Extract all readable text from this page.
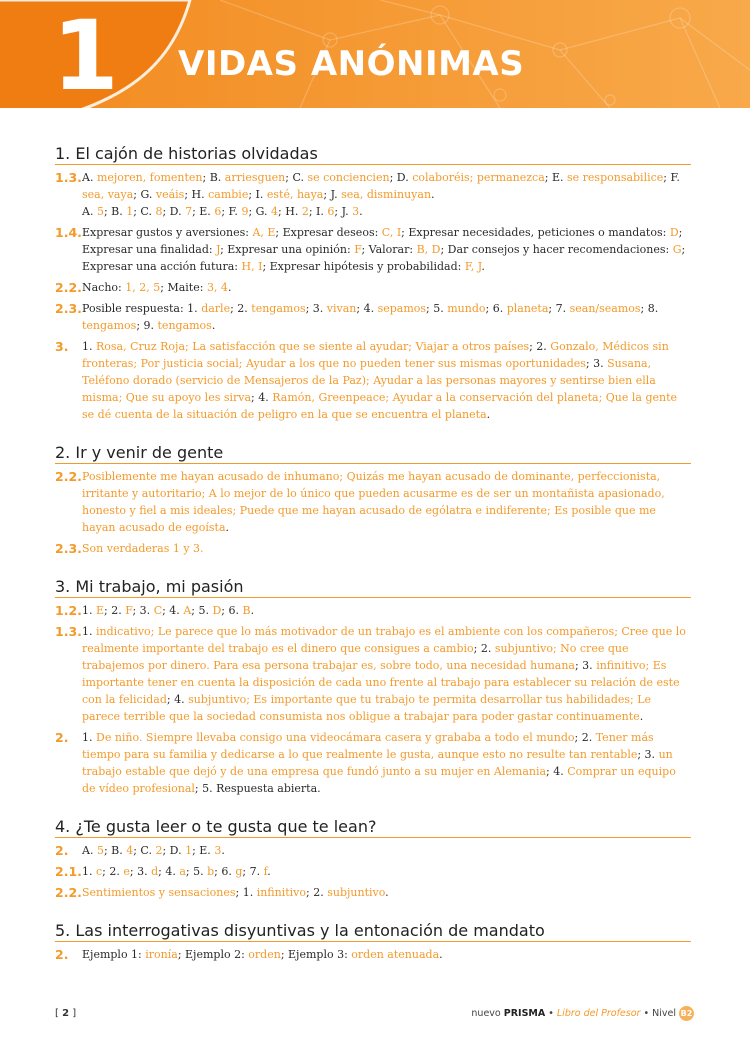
1 VIDAS ANÓNIMAS
1. El cajón de historias olvidadas
1.3. A. mejoren, fomenten; B. arriesguen; C. se conciencien; D. colaboréis; permanezca; E. se responsabilice; F. sea, vaya; G. veáis; H. cambie; I. esté, haya; J. sea, disminuyan.
A. 5; B. 1; C. 8; D. 7; E. 6; F. 9; G. 4; H. 2; I. 6; J. 3.
1.4. Expresar gustos y aversiones: A, E; Expresar deseos: C, I; Expresar necesidades, peticiones o mandatos: D; Expresar una finalidad: J; Expresar una opinión: F; Valorar: B, D; Dar consejos y hacer recomendaciones: G; Expresar una acción futura: H, I; Expresar hipótesis y probabilidad: F, J.
2.2. Nacho: 1, 2, 5; Maite: 3, 4.
2.3. Posible respuesta: 1. darle; 2. tengamos; 3. vivan; 4. sepamos; 5. mundo; 6. planeta; 7. sean/seamos; 8. tengamos; 9. tengamos.
3. 1. Rosa, Cruz Roja; La satisfacción que se siente al ayudar; Viajar a otros países; 2. Gonzalo, Médicos sin fronteras; Por justicia social; Ayudar a los que no pueden tener sus mismas oportunidades; 3. Susana, Teléfono dorado (servicio de Mensajeros de la Paz); Ayudar a las personas mayores y sentirse bien ella misma; Que su apoyo les sirva; 4. Ramón, Greenpeace; Ayudar a la conservación del planeta; Que la gente se dé cuenta de la situación de peligro en la que se encuentra el planeta.
2. Ir y venir de gente
2.2. Posiblemente me hayan acusado de inhumano; Quizás me hayan acusado de dominante, perfeccionista, irritante y autoritario; A lo mejor de lo único que pueden acusarme es de ser un montañista apasionado, honesto y fiel a mis ideales; Puede que me hayan acusado de ególatra e indiferente; Es posible que me hayan acusado de egoísta.
2.3. Son verdaderas 1 y 3.
3. Mi trabajo, mi pasión
1.2. 1. E; 2. F; 3. C; 4. A; 5. D; 6. B.
1.3. 1. indicativo; Le parece que lo más motivador de un trabajo es el ambiente con los compañeros; Cree que lo realmente importante del trabajo es el dinero que consigues a cambio; 2. subjuntivo; No cree que trabajemos por dinero. Para esa persona trabajar es, sobre todo, una necesidad humana; 3. infinitivo; Es importante tener en cuenta la disposición de cada uno frente al trabajo para establecer su relación de este con la felicidad; 4. subjuntivo; Es importante que tu trabajo te permita desarrollar tus habilidades; Le parece terrible que la sociedad consumista nos obligue a trabajar para poder gastar continuamente.
2. 1. De niño. Siempre llevaba consigo una videocámara casera y grababa a todo el mundo; 2. Tener más tiempo para su familia y dedicarse a lo que realmente le gusta, aunque esto no resulte tan rentable; 3. un trabajo estable que dejó y de una empresa que fundó junto a su mujer en Alemania; 4. Comprar un equipo de vídeo profesional; 5. Respuesta abierta.
4. ¿Te gusta leer o te gusta que te lean?
2. A. 5; B. 4; C. 2; D. 1; E. 3.
2.1. 1. c; 2. e; 3. d; 4. a; 5. b; 6. g; 7. f.
2.2. Sentimientos y sensaciones; 1. infinitivo; 2. subjuntivo.
5. Las interrogativas disyuntivas y la entonación de mandato
2. Ejemplo 1: ironía; Ejemplo 2: orden; Ejemplo 3: orden atenuada.
[ 2 ]	nuevo PRISMA • Libro del Profesor • Nivel B2
